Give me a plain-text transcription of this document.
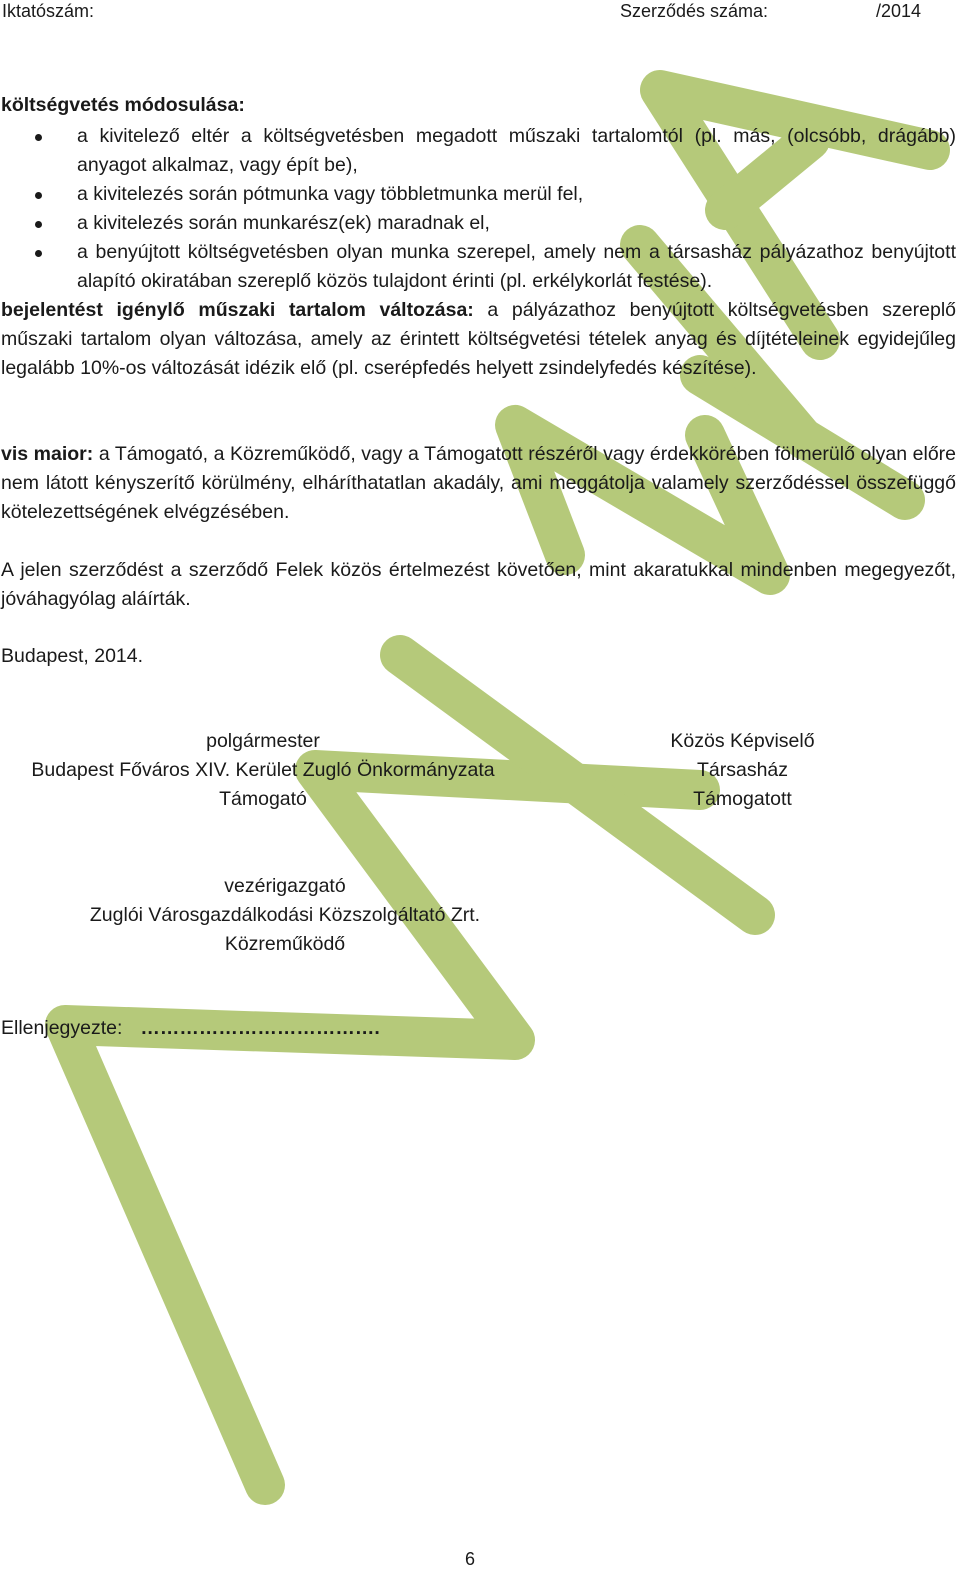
Iktatószám:	Szerződés száma:	/2014
költségvetés módosulása:
a kivitelező eltér a költségvetésben megadott műszaki tartalomtól (pl. más, (olcsóbb, drágább) anyagot alkalmaz, vagy épít be),
a kivitelezés során pótmunka vagy többletmunka merül fel,
a kivitelezés során munkarész(ek) maradnak el,
a benyújtott költségvetésben olyan munka szerepel, amely nem a társasház pályázathoz benyújtott alapító okiratában szereplő közös tulajdont érinti (pl. erkélykorlát festése).

bejelentést igénylő műszaki tartalom változása: a pályázathoz benyújtott költségvetésben szereplő műszaki tartalom olyan változása, amely az érintett költségvetési tételek anyag és díjtételeinek egyidejűleg legalább 10%-os változását idézik elő (pl. cserépfedés helyett zsindelyfedés készítése).

vis maior: a Támogató, a Közreműködő, vagy a Támogatott részéről vagy érdekkörében fölmerülő olyan előre nem látott kényszerítő körülmény, elháríthatatlan akadály, ami meggátolja valamely szerződéssel összefüggő kötelezettségének elvégzésében.

A jelen szerződést a szerződő Felek közös értelmezést követően, mint akaratukkal mindenben megegyezőt, jóváhagyólag aláírták.

Budapest, 2014.

polgármester
Budapest Főváros XIV. Kerület Zugló Önkormányzata
Támogató
Közös Képviselő
Társasház
Támogatott
vezérigazgató
Zuglói Városgazdálkodási Közszolgáltató Zrt.
Közreműködő
Ellenjegyezte: ……………………………….
6
